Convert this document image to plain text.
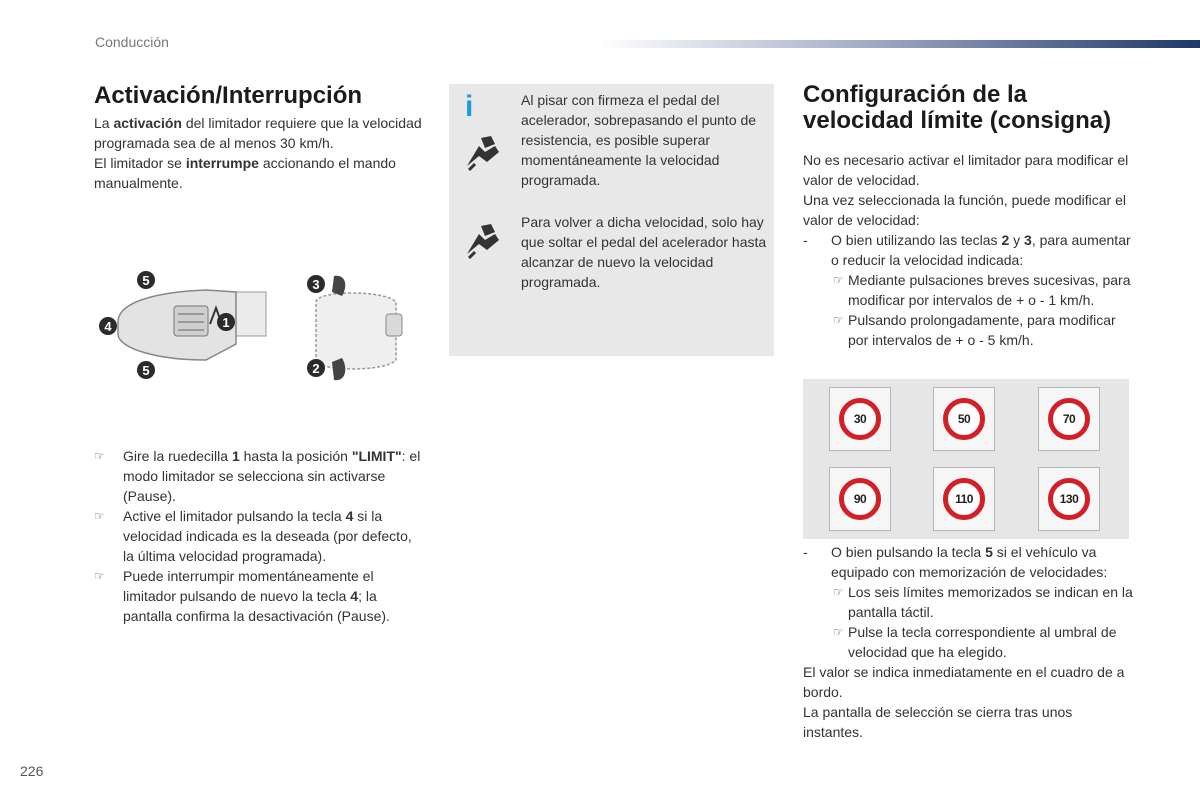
Conducción
Activación/Interrupción

La activación del limitador requiere que la velocidad programada sea de al menos 30 km/h.

El limitador se interrumpe accionando el mando manualmente.

5
4
5
1
3
2
☞ Gire la ruedecilla 1 hasta la posición "LIMIT": el modo limitador se selecciona sin activarse (Pause).
☞ Active el limitador pulsando la tecla 4 si la velocidad indicada es la deseada (por defecto, la última velocidad programada).
☞ Puede interrumpir momentáneamente el limitador pulsando de nuevo la tecla 4; la pantalla confirma la desactivación (Pause).
i	Al pisar con firmeza el pedal del acelerador, sobrepasando el punto de resistencia, es posible superar momentáneamente la velocidad programada.
Para volver a dicha velocidad, solo hay que soltar el pedal del acelerador hasta alcanzar de nuevo la velocidad programada.
Configuración de la
velocidad límite (consigna)

No es necesario activar el limitador para modificar el valor de velocidad.

Una vez seleccionada la función, puede modificar el valor de velocidad:

- O bien utilizando las teclas 2 y 3, para aumentar o reducir la velocidad indicada:
☞ Mediante pulsaciones breves sucesivas, para modificar por intervalos de + o - 1 km/h.
☞ Pulsando prolongadamente, para modificar por intervalos de + o - 5 km/h.
30	50	70
90	110	130
- O bien pulsando la tecla 5 si el vehículo va equipado con memorización de velocidades:
☞ Los seis límites memorizados se indican en la pantalla táctil.
☞ Pulse la tecla correspondiente al umbral de velocidad que ha elegido.

El valor se indica inmediatamente en el cuadro de a bordo.

La pantalla de selección se cierra tras unos instantes.

226
